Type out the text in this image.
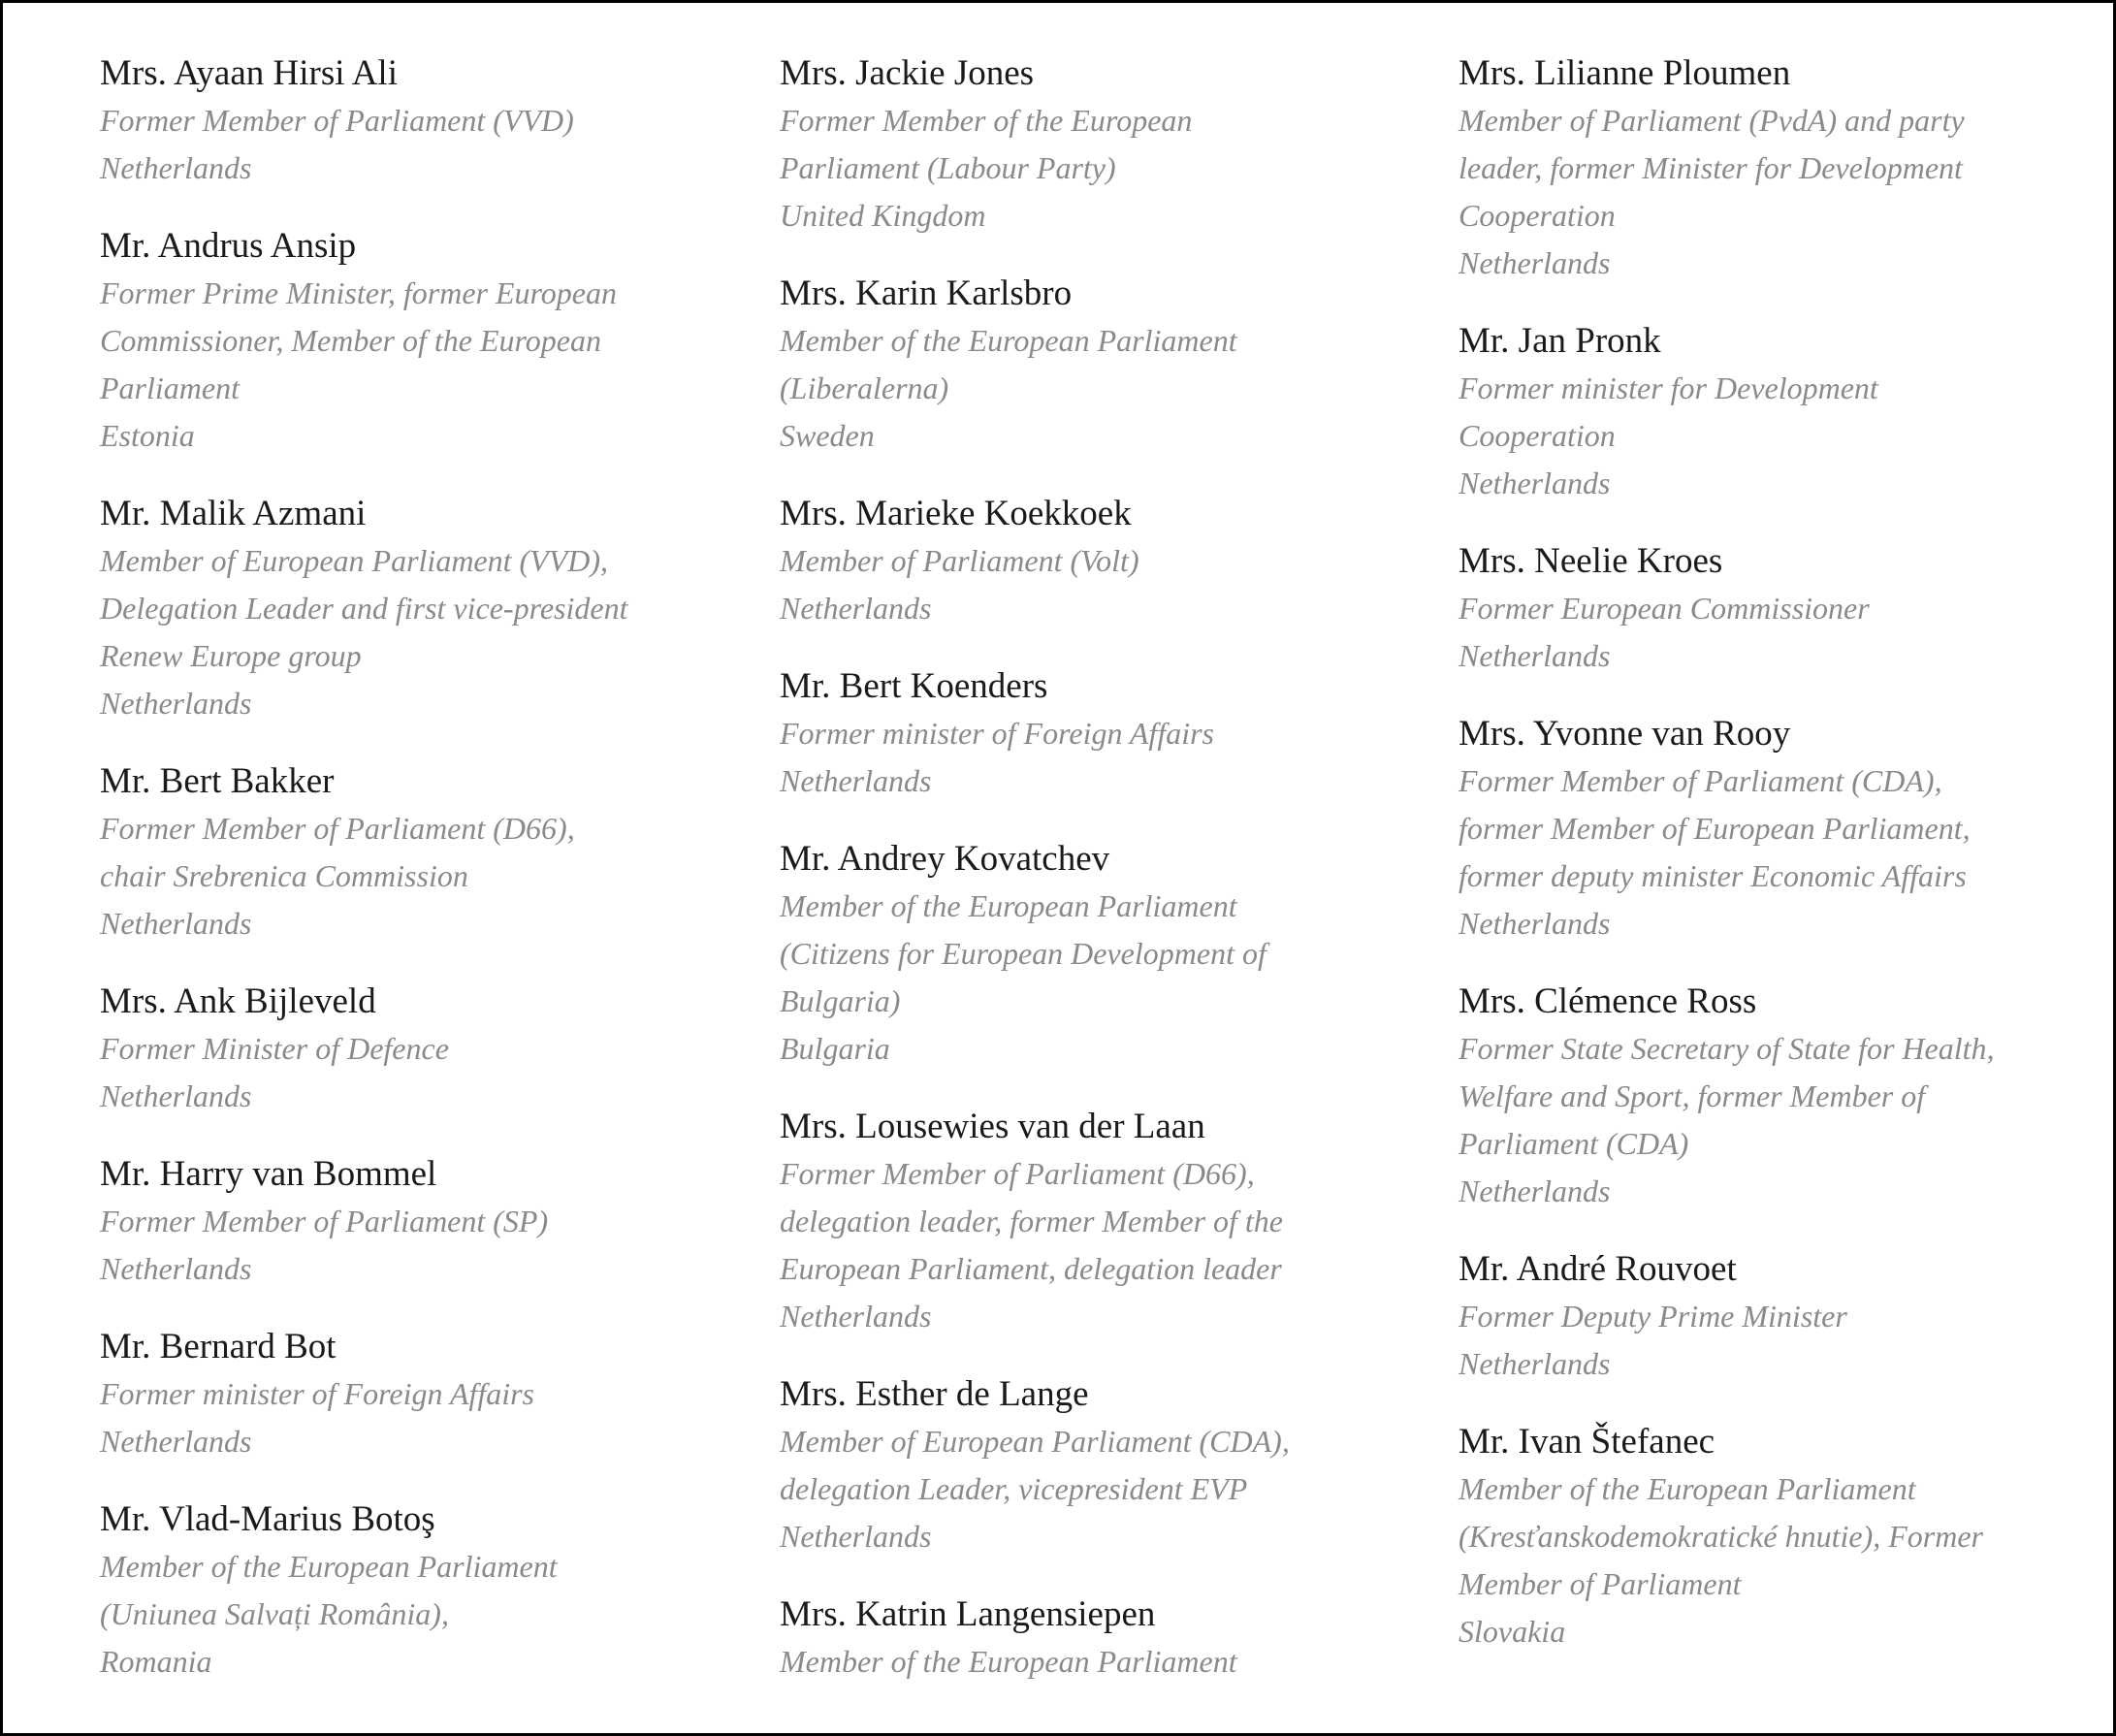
Mrs. Ayaan Hirsi Ali
Former Member of Parliament (VVD)
Netherlands
Mr. Andrus Ansip
Former Prime Minister, former European
Commissioner, Member of the European
Parliament
Estonia
Mr. Malik Azmani
Member of European Parliament (VVD),
Delegation Leader and first vice-president
Renew Europe group
Netherlands
Mr. Bert Bakker
Former Member of Parliament (D66),
chair Srebrenica Commission
Netherlands
Mrs. Ank Bijleveld
Former Minister of Defence
Netherlands
Mr. Harry van Bommel
Former Member of Parliament (SP)
Netherlands
Mr. Bernard Bot
Former minister of Foreign Affairs
Netherlands
Mr. Vlad-Marius Botoş
Member of the European Parliament
(Uniunea Salvați România),
Romania
Mrs. Jackie Jones
Former Member of the European
Parliament (Labour Party)
United Kingdom
Mrs. Karin Karlsbro
Member of the European Parliament
(Liberalerna)
Sweden
Mrs. Marieke Koekkoek
Member of Parliament (Volt)
Netherlands
Mr. Bert Koenders
Former minister of Foreign Affairs
Netherlands
Mr. Andrey Kovatchev
Member of the European Parliament
(Citizens for European Development of
Bulgaria)
Bulgaria
Mrs. Lousewies van der Laan
Former Member of Parliament (D66),
delegation leader, former Member of the
European Parliament, delegation leader
Netherlands
Mrs. Esther de Lange
Member of European Parliament (CDA),
delegation Leader, vicepresident EVP
Netherlands
Mrs. Katrin Langensiepen
Member of the European Parliament
Mrs. Lilianne Ploumen
Member of Parliament (PvdA) and party
leader, former Minister for Development
Cooperation
Netherlands
Mr. Jan Pronk
Former minister for Development
Cooperation
Netherlands
Mrs. Neelie Kroes
Former European Commissioner
Netherlands
Mrs. Yvonne van Rooy
Former Member of Parliament (CDA),
former Member of European Parliament,
former deputy minister Economic Affairs
Netherlands
Mrs. Clémence Ross
Former State Secretary of State for Health,
Welfare and Sport, former Member of
Parliament (CDA)
Netherlands
Mr. André Rouvoet
Former Deputy Prime Minister
Netherlands
Mr. Ivan Štefanec
Member of the European Parliament
(Kresťanskodemokratické hnutie), Former
Member of Parliament
Slovakia
